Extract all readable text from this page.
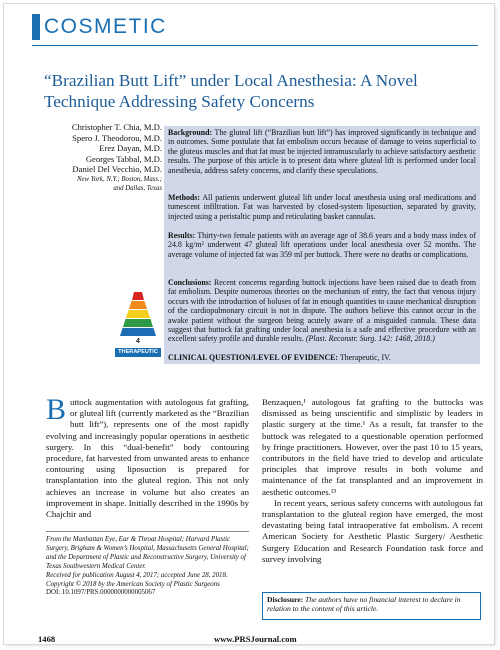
COSMETIC
“Brazilian Butt Lift” under Local Anesthesia: A Novel Technique Addressing Safety Concerns
Christopher T. Chia, M.D.
Spero J. Theodorou, M.D.
Erez Dayan, M.D.
Georges Tabbal, M.D.
Daniel Del Vecchio, M.D.
New York, N.Y.; Boston, Mass.;
and Dallas, Texas

Background: The gluteal lift (“Brazilian butt lift”) has improved significantly in technique and in outcomes. Some postulate that fat embolism occurs because of damage to veins superficial to the gluteus muscles and that fat must be injected intramuscularly to achieve satisfactory aesthetic results. The purpose of this article is to present data where gluteal lift is performed under local anesthesia, address safety concerns, and clarify these speculations.

Methods: All patients underwent gluteal lift under local anesthesia using oral medications and tumescent infiltration. Fat was harvested by closed-system liposuction, separated by gravity, injected using a peristaltic pump and reticulating basket cannulas.

Results: Thirty-two female patients with an average age of 38.6 years and a body mass index of 24.8 kg/m² underwent 47 gluteal lift operations under local anesthesia over 52 months. The average volume of injected fat was 359 ml per buttock. There were no deaths or complications.

Conclusions: Recent concerns regarding buttock injections have been raised due to death from fat embolism. Despite numerous theories on the mechanism of entry, the fact that venous injury occurs with the introduction of boluses of fat in enough quantities to cause mechanical disruption of the cardiopulmonary circuit is not in dispute. The authors believe this cannot occur in the awake patient without the surgeon being acutely aware of a misguided cannula. These data suggest that buttock fat grafting under local anesthesia is a safe and effective procedure with an excellent safety profile and durable results. (Plast. Reconstr. Surg. 142: 1468, 2018.)

CLINICAL QUESTION/LEVEL OF EVIDENCE: Therapeutic, IV.

4
THERAPEUTIC

Buttock augmentation with autologous fat grafting, or gluteal lift (currently marketed as the “Brazilian butt lift”), represents one of the most rapidly evolving and increasingly popular operations in aesthetic surgery. In this “dual-benefit” body contouring procedure, fat harvested from unwanted areas to enhance contouring using liposuction is prepared for transplantation into the gluteal region. This not only achieves an increase in volume but also creates an improvement in shape. Initially described in the 1990s by Chajchir and

Benzaquen,¹ autologous fat grafting to the buttocks was dismissed as being unscientific and simplistic by leaders in plastic surgery at the time.¹ As a result, fat transfer to the buttock was relegated to a questionable operation performed by fringe practitioners. However, over the past 10 to 15 years, contributors in the field have tried to develop and articulate principles that improve results in both volume and maintenance of the fat transplanted and an improvement in aesthetic outcomes.²³

In recent years, serious safety concerns with autologous fat transplantation to the gluteal region have emerged, the most devastating being fatal intraoperative fat embolism. A recent American Society for Aesthetic Plastic Surgery/ Aesthetic Surgery Education and Research Foundation task force and survey involving

From the Manhattan Eye, Ear & Throat Hospital; Harvard Plastic Surgery, Brigham & Women’s Hospital, Massachusetts General Hospital; and the Department of Plastic and Reconstructive Surgery, University of Texas Southwestern Medical Center.

Received for publication August 4, 2017; accepted June 28, 2018.

Copyright © 2018 by the American Society of Plastic Surgeons

DOI: 10.1097/PRS.0000000000005067

Disclosure: The authors have no financial interest to declare in relation to the content of this article.
1468	www.PRSJournal.com
